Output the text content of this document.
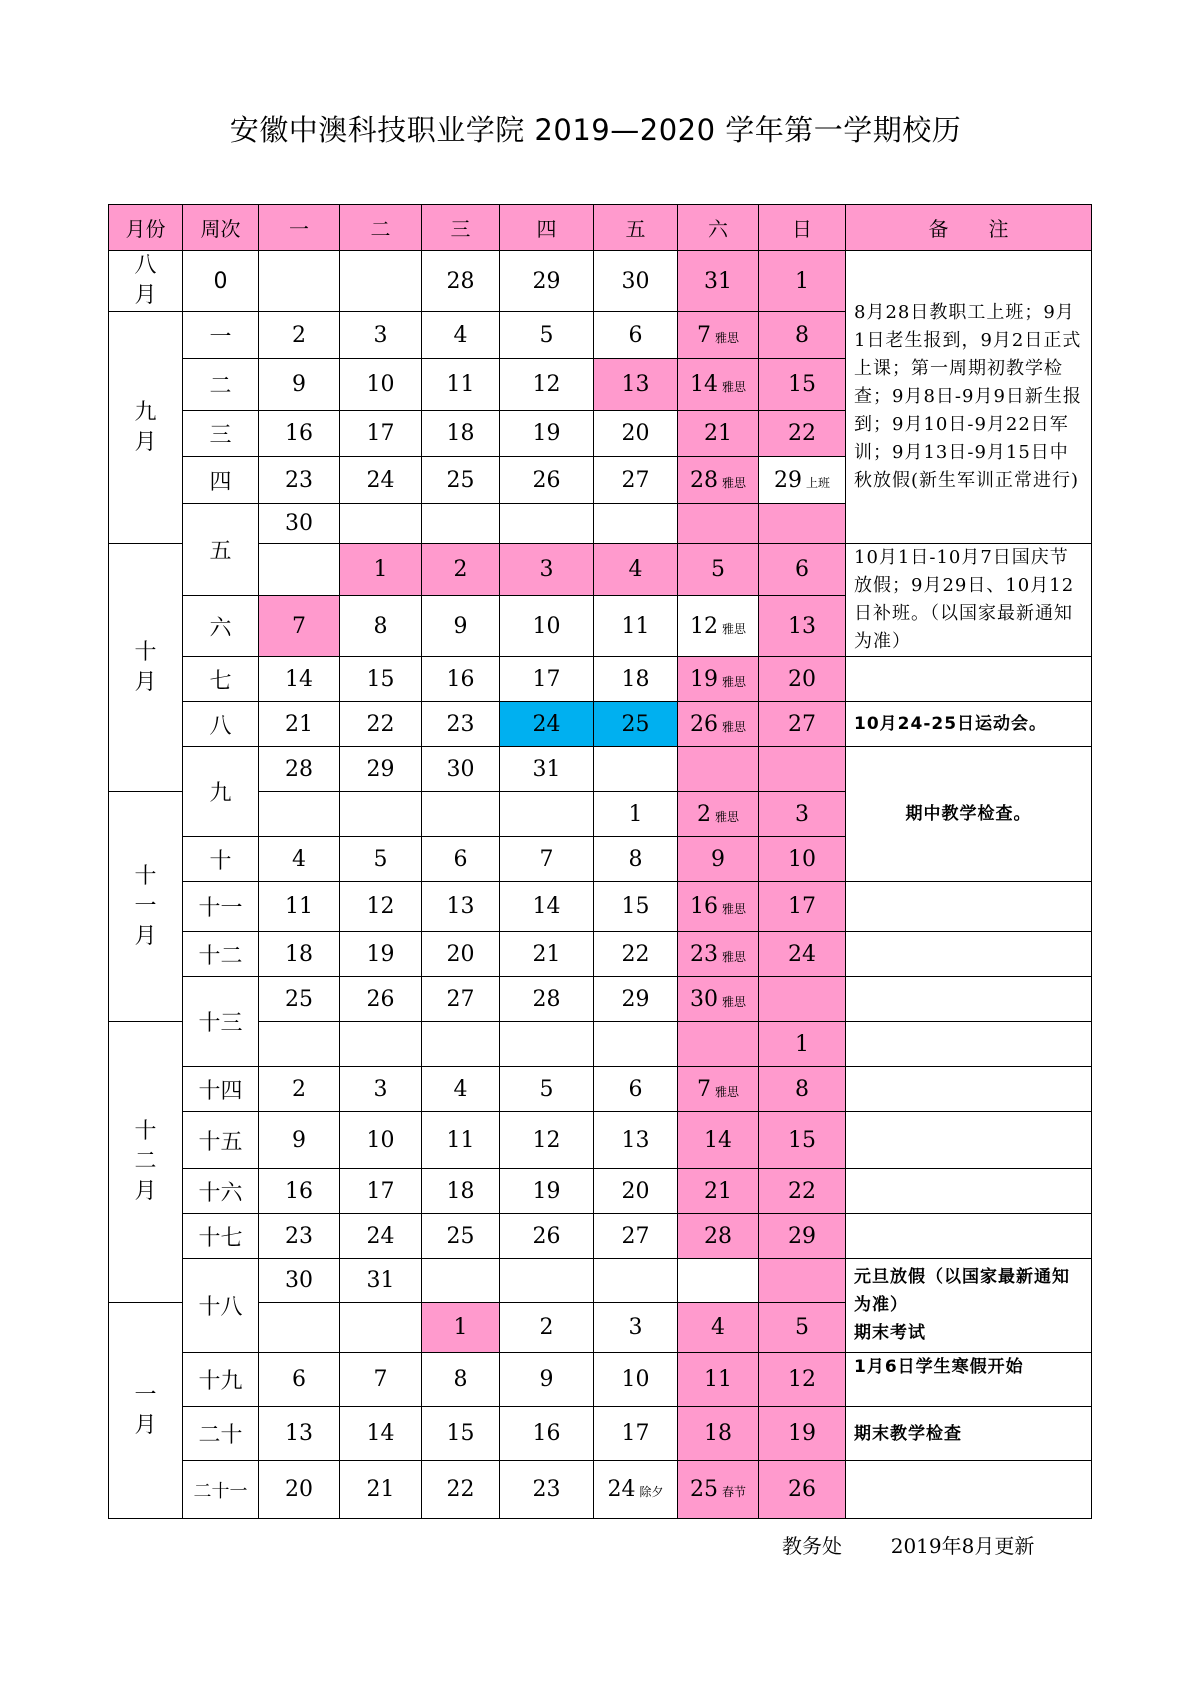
安徽中澳科技职业学院 2019—2020 学年第一学期校历
月份	周次	一	二	三	四	五	六	日	备　　注
八月	0			28	29	30	31	1	8月28日教职工上班；9月1日老生报到，9月2日正式上课；第一周期初教学检查；9月8日-9月9日新生报到；9月10日-9月22日军训；9月13日-9月15日中秋放假(新生军训正常进行)
九月	一	2	3	4	5	6	7 雅思	8	
	二	9	10	11	12	13	14 雅思	15	
	三	16	17	18	19	20	21	22	
	四	23	24	25	26	27	28 雅思	29 上班	
	五	30							
十月			1	2	3	4	5	6	10月1日-10月7日国庆节放假；9月29日、10月12日补班。（以国家最新通知为准）
	六	7	8	9	10	11	12 雅思	13	
	七	14	15	16	17	18	19 雅思	20	
	八	21	22	23	24	25	26 雅思	27	10月24-25日运动会。
	九	28	29	30	31				期中教学检查。
十一月						1	2 雅思	3	
	十	4	5	6	7	8	9	10	
	十一	11	12	13	14	15	16 雅思	17	
	十二	18	19	20	21	22	23 雅思	24	
	十三	25	26	27	28	29	30 雅思		
十二月								1	
	十四	2	3	4	5	6	7 雅思	8	
	十五	9	10	11	12	13	14	15	
	十六	16	17	18	19	20	21	22	
	十七	23	24	25	26	27	28	29	
	十八	30	31						元旦放假（以国家最新通知为准）
期末考试

一月				1	2	3	4	5	
	十九	6	7	8	9	10	11	12	1月6日学生寒假开始
	二十	13	14	15	16	17	18	19	期末教学检查
	二十一	20	21	22	23	24 除夕	25 春节	26	
教务处 2019年8月更新
